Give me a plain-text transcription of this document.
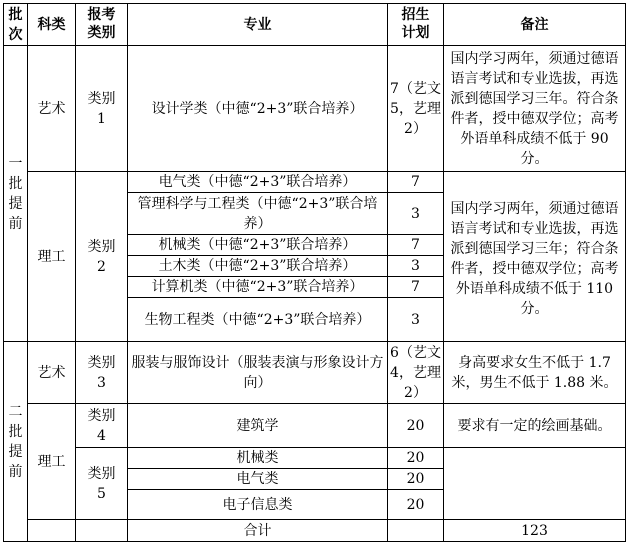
批次	科类	报考类别	专业	招生计划	备注	
一批提前	艺术	类别1	设计学类（中德“2+3”联合培养）	7（艺文5，艺理2）	国内学习两年，须通过德语语言考试和专业选拔，再选派到德国学习三年。符合条件者，授中德双学位；高考外语单科成绩不低于 90 分。	
	理工	类别2	电气类（中德“2+3”联合培养）	7	国内学习两年，须通过德语语言考试和专业选拔，再选派到德国学习三年；符合条件者，授中德双学位；高考外语单科成绩不低于 110 分。	
			管理科学与工程类（中德“2+3”联合培养）	3		
			机械类（中德“2+3”联合培养）	7		
			土木类（中德“2+3”联合培养）	3		
			计算机类（中德“2+3”联合培养）	7		
			生物工程类（中德“2+3”联合培养）	3		
二批提前	艺术	类别3	服装与服饰设计（服装表演与形象设计方向）	6（艺文4，艺理2）	身高要求女生不低于 1.7 米，男生不低于 1.88 米。	
	理工	类别4	建筑学	20	要求有一定的绘画基础。	
		类别5	机械类	20		
			电气类	20		
			电子信息类	20		
			合计		123	
